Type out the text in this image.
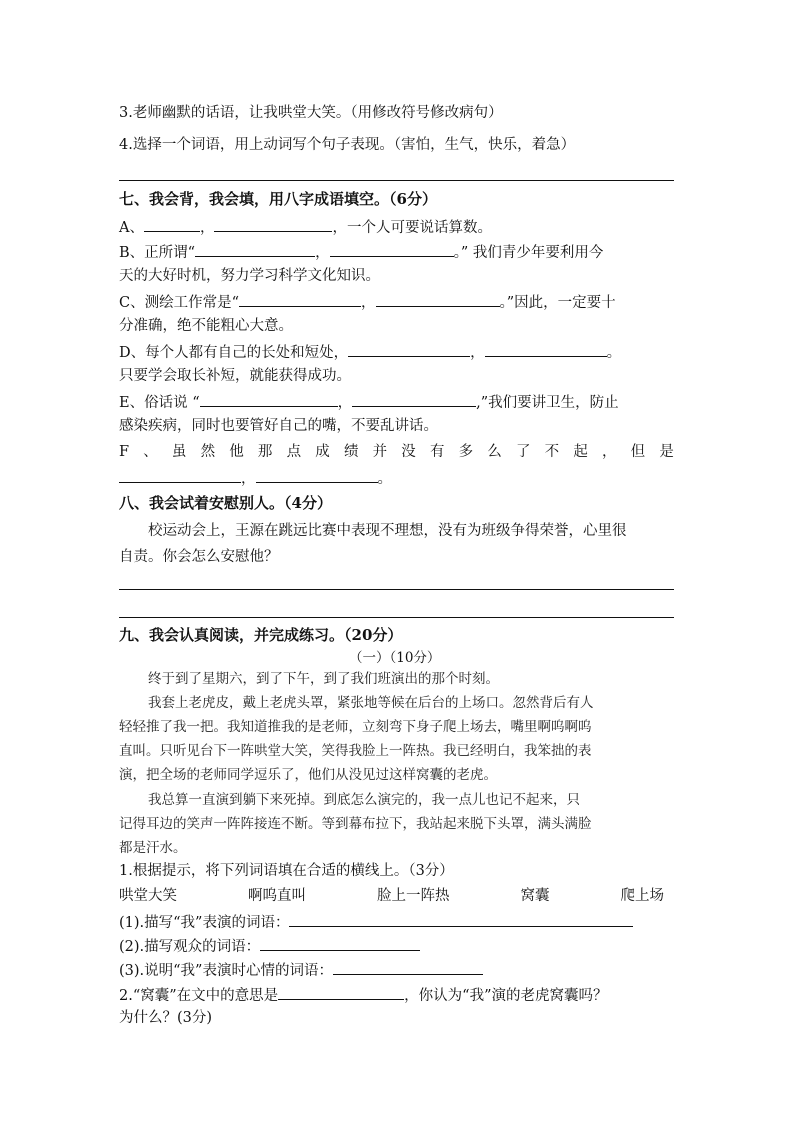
3.老师幽默的话语，让我哄堂大笑。（用修改符号修改病句）
4.选择一个词语，用上动词写个句子表现。（害怕，生气，快乐，着急）
七、我会背，我会填，用八字成语填空。（6分）
A、	，	，一个人可要说话算数。
B、正所谓“	，	。” 我们青少年要利用今
天的大好时机，努力学习科学文化知识。
C、测绘工作常是“	，	。”因此，一定要十
分准确，绝不能粗心大意。
D、每个人都有自己的长处和短处，	，	。
只要学会取长补短，就能获得成功。
E、俗话说 “	，	,”我们要讲卫生，防止
感染疾病，同时也要管好自己的嘴，不要乱讲话。
F 、 虽 然 他 那 点 成 绩 并 没 有 多 么 了 不 起 ， 但 是
，	。
八、我会试着安慰别人。（4分）
校运动会上，王源在跳远比赛中表现不理想，没有为班级争得荣誉，心里很
自责。你会怎么安慰他？
九、我会认真阅读，并完成练习。（20分）
（一）（10分）
终于到了星期六，到了下午，到了我们班演出的那个时刻。
我套上老虎皮，戴上老虎头罩，紧张地等候在后台的上场口。忽然背后有人
轻轻推了我一把。我知道推我的是老师，立刻弯下身子爬上场去，嘴里啊呜啊呜
直叫。只听见台下一阵哄堂大笑，笑得我脸上一阵热。我已经明白，我笨拙的表
演，把全场的老师同学逗乐了，他们从没见过这样窝囊的老虎。
我总算一直演到躺下来死掉。到底怎么演完的，我一点儿也记不起来，只
记得耳边的笑声一阵阵接连不断。等到幕布拉下，我站起来脱下头罩，满头满脸
都是汗水。
1.根据提示，将下列词语填在合适的横线上。（3分）
哄堂大笑	啊呜直叫	脸上一阵热	窝囊	爬上场
(1).描写“我”表演的词语：
(2).描写观众的词语：
(3).说明“我”表演时心情的词语：
2.“窝囊”在文中的意思是	，你认为“我”演的老虎窝囊吗？
为什么？(3分)
